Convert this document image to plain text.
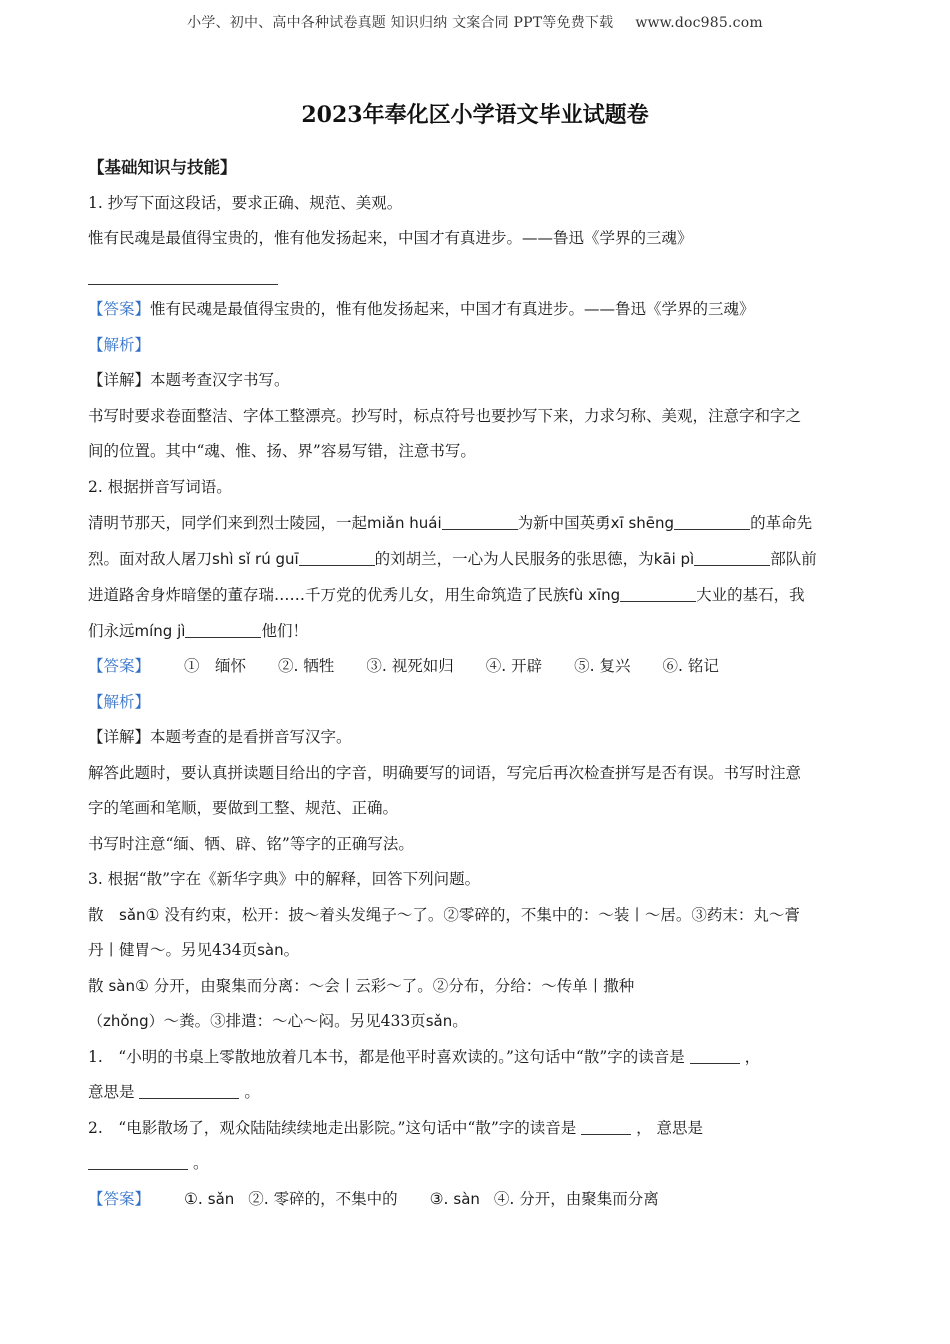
小学、初中、高中各种试卷真题 知识归纳 文案合同 PPT等免费下载 www.doc985.com
2023年奉化区小学语文毕业试题卷

【基础知识与技能】

1. 抄写下面这段话，要求正确、规范、美观。

惟有民魂是最值得宝贵的，惟有他发扬起来，中国才有真进步。——鲁迅《学界的三魂》

【答案】惟有民魂是最值得宝贵的，惟有他发扬起来，中国才有真进步。——鲁迅《学界的三魂》

【解析】

【详解】本题考查汉字书写。

书写时要求卷面整洁、字体工整漂亮。抄写时，标点符号也要抄写下来，力求匀称、美观，注意字和字之

间的位置。其中“魂、惟、扬、界”容易写错，注意书写。

2. 根据拼音写词语。

清明节那天，同学们来到烈士陵园，一起miǎn huái	为新中国英勇xī shēng	的革命先

烈。面对敌人屠刀shì sǐ rú guī	的刘胡兰，一心为人民服务的张思德，为kāi pì	部队前

进道路舍身炸暗堡的董存瑞……千万党的优秀儿女，用生命筑造了民族fù xīng	大业的基石，我

们永远míng jì	他们！

【答案】 ①　缅怀 ②. 牺牲 ③. 视死如归 ④. 开辟 ⑤. 复兴 ⑥. 铭记

【解析】

【详解】本题考查的是看拼音写汉字。

解答此题时，要认真拼读题目给出的字音，明确要写的词语，写完后再次检查拼写是否有误。书写时注意

字的笔画和笔顺，要做到工整、规范、正确。

书写时注意“缅、牺、辟、铭”等字的正确写法。

3. 根据“散”字在《新华字典》中的解释，回答下列问题。

散　sǎn① 没有约束，松开：披～着头发绳子～了。②零碎的，不集中的：～装丨～居。③药末：丸～膏

丹丨健胃～。另见434页sàn。

散 sàn① 分开，由聚集而分离：～会丨云彩～了。②分布，分给：～传单丨撒种

（zhǒng）～粪。③排遣：～心～闷。另见433页sǎn。

1.　“小明的书桌上零散地放着几本书，都是他平时喜欢读的。”这句话中“散”字的读音是	，

意思是	。

2.　“电影散场了，观众陆陆续续地走出影院。”这句话中“散”字的读音是	， 意思是

。

【答案】 ①. sǎn ②. 零碎的，不集中的 ③. sàn ④. 分开，由聚集而分离
